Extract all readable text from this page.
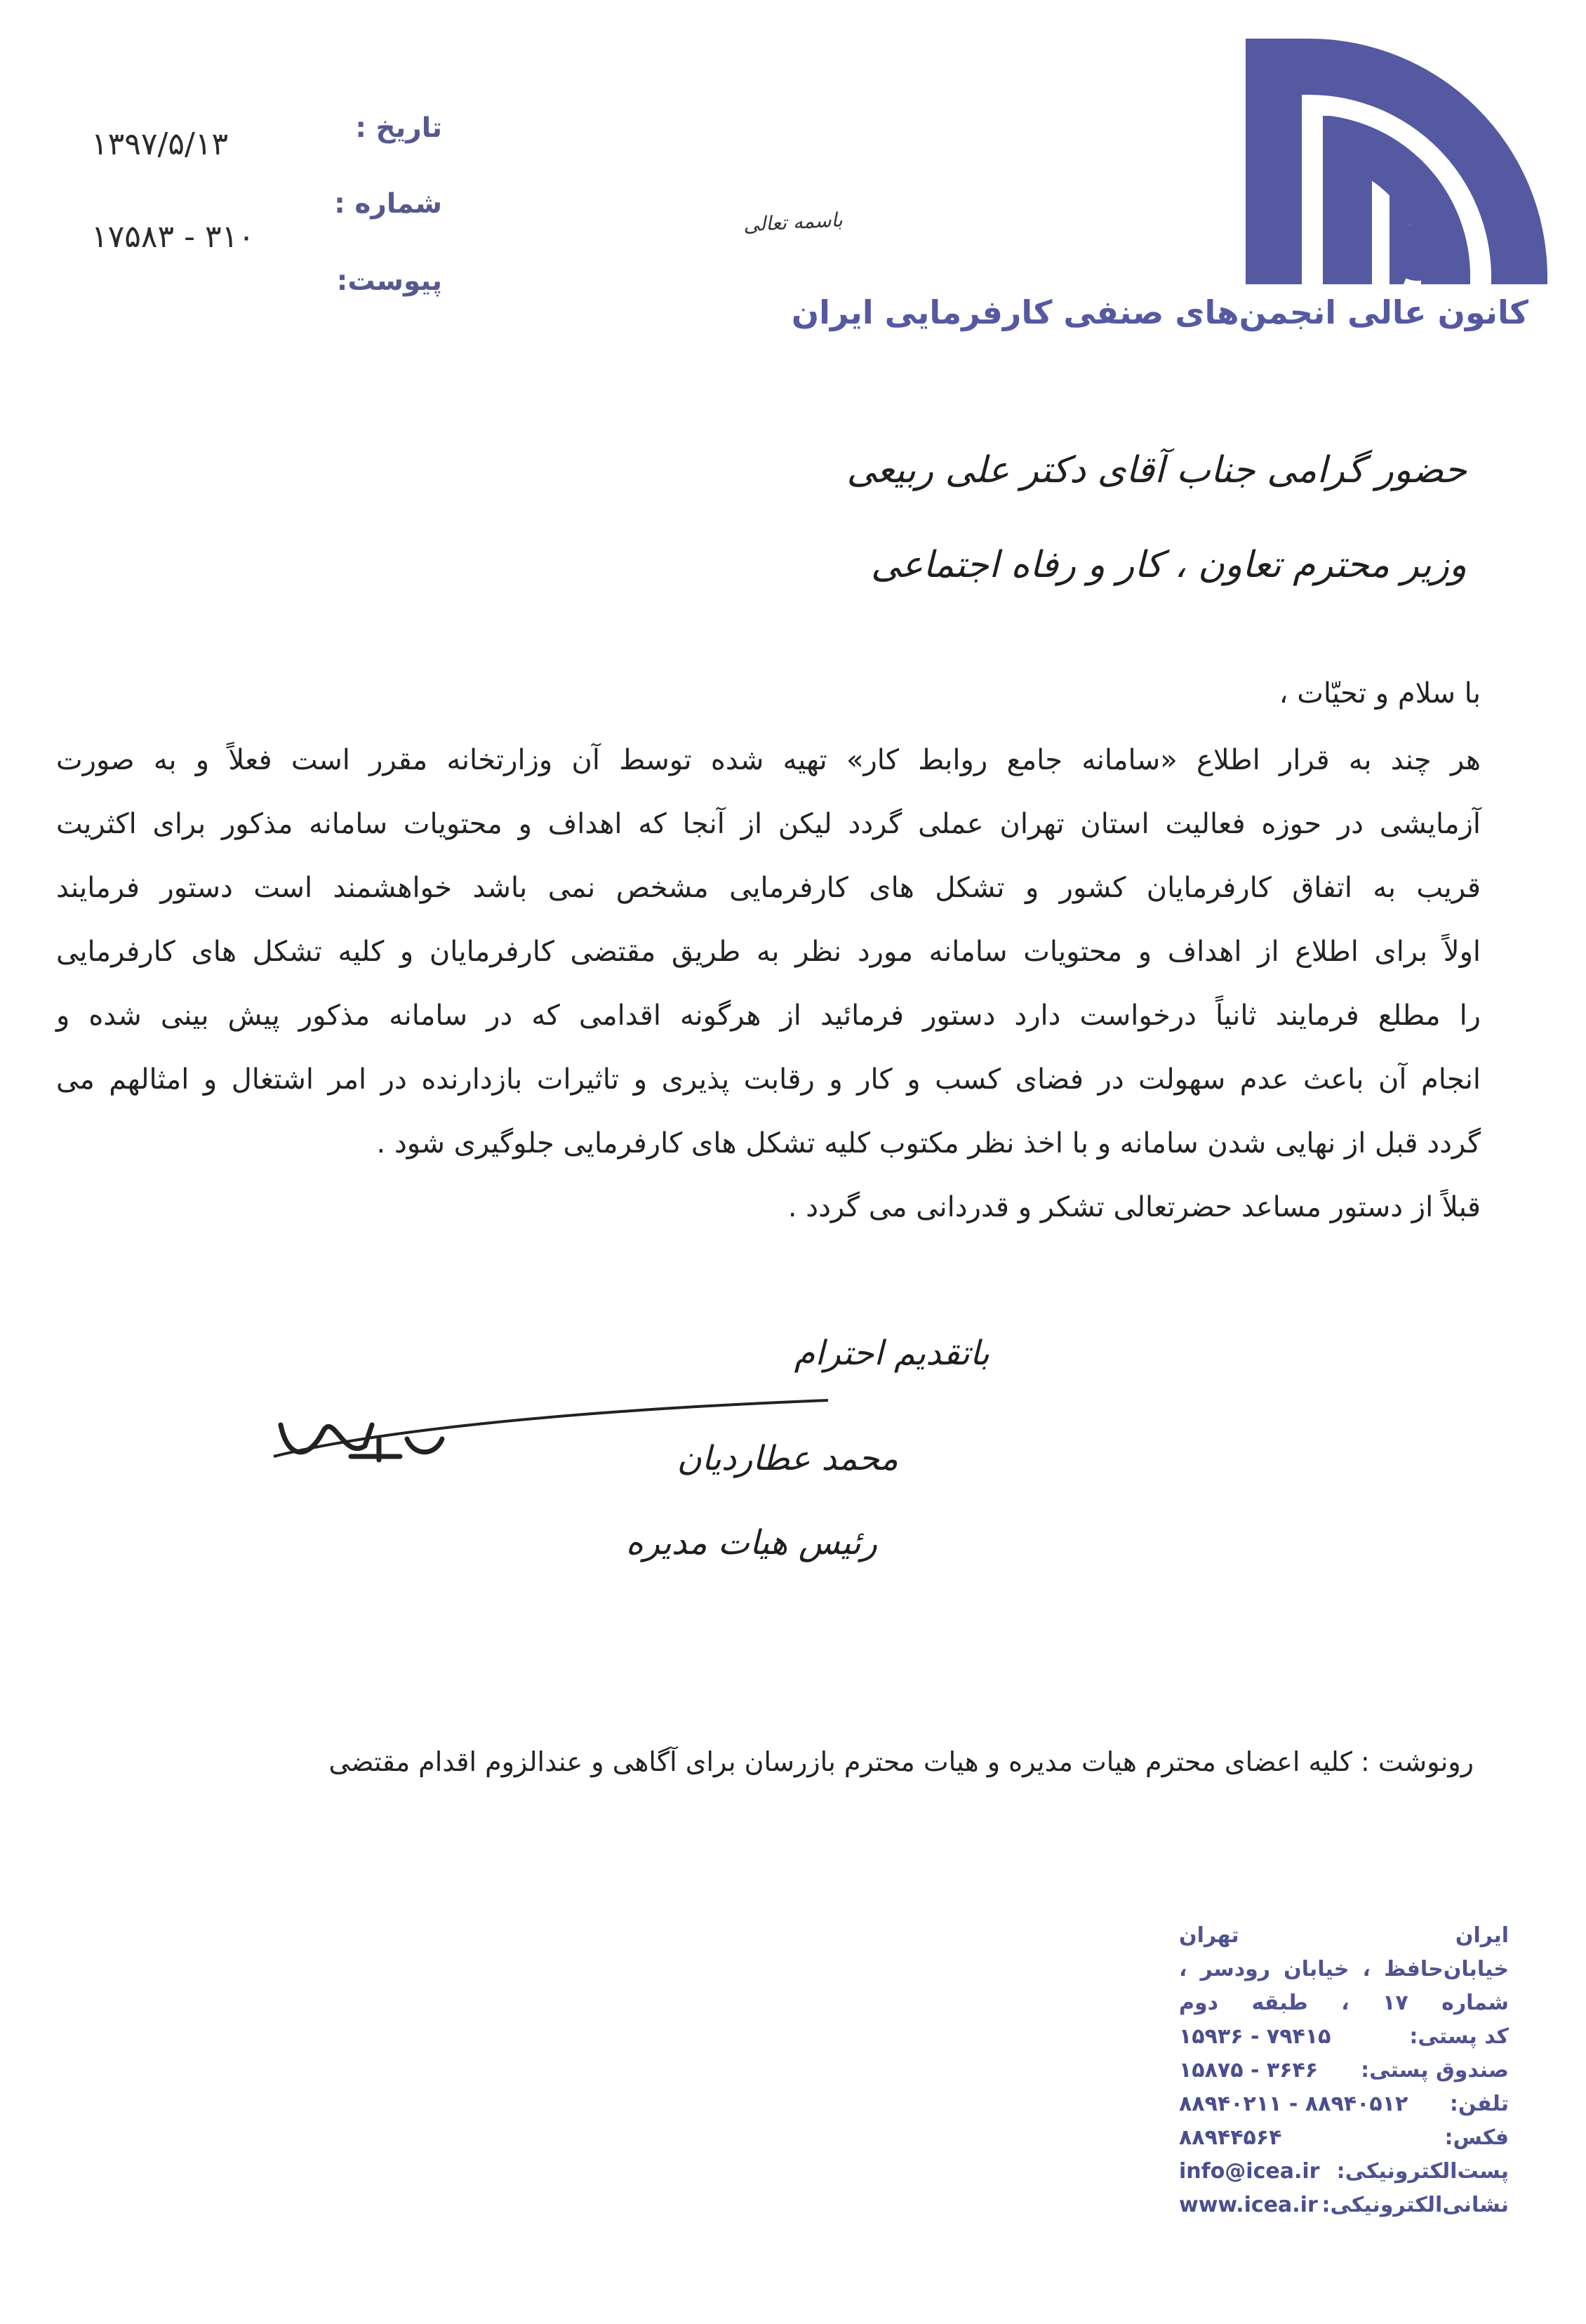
کانون عالی انجمن‌های صنفی کارفرمایی ایران
تاریخ :
۱۳۹۷/۵/۱۳
شماره :
۳۱۰ - ۱۷۵۸۳
پیوست:
باسمه تعالی
حضور گرامی جناب آقای دکتر علی ربیعی
وزیر محترم تعاون ، کار و رفاه اجتماعی
با سلام و تحیّات ،

هر چند به قرار اطلاع «سامانه جامع روابط کار» تهیه شده توسط آن وزارتخانه مقرر است فعلاً و به صورت

آزمایشی در حوزه فعالیت استان تهران عملی گردد لیکن از آنجا که اهداف و محتویات سامانه مذکور برای اکثریت

قریب به اتفاق کارفرمایان کشور و تشکل های کارفرمایی مشخص نمی باشد خواهشمند است دستور فرمایند

اولاً برای اطلاع از اهداف و محتویات سامانه مورد نظر به طریق مقتضی کارفرمایان و کلیه تشکل های کارفرمایی

را مطلع فرمایند ثانیاً درخواست دارد دستور فرمائید از هرگونه اقدامی که در سامانه مذکور پیش بینی شده و

انجام آن باعث عدم سهولت در فضای کسب و کار و رقابت پذیری و تاثیرات بازدارنده در امر اشتغال و امثالهم می

گردد قبل از نهایی شدن سامانه و با اخذ نظر مکتوب کلیه تشکل های کارفرمایی جلوگیری شود .

قبلاً از دستور مساعد حضرتعالی تشکر و قدردانی می گردد .

باتقدیم احترام
محمد عطاردیان
رئیس هیات مدیره
رونوشت : کلیه اعضای محترم هیات مدیره و هیات محترم بازرسان برای آگاهی و عندالزوم اقدام مقتضی
ایران تهران
خیابان‌حافظ ، خیابان رودسر ،
شماره ۱۷ ، طبقه دوم
کد پستی:
۱۵۹۳۶ - ۷۹۴۱۵
صندوق پستی:
۱۵۸۷۵ - ۳۶۴۶
تلفن:
۸۸۹۴۰۲۱۱ - ۸۸۹۴۰۵۱۲
فکس:
۸۸۹۴۴۵۶۴
پست‌الکترونیکی:
info@icea.ir
نشانی‌الکترونیکی:
www.icea.ir
